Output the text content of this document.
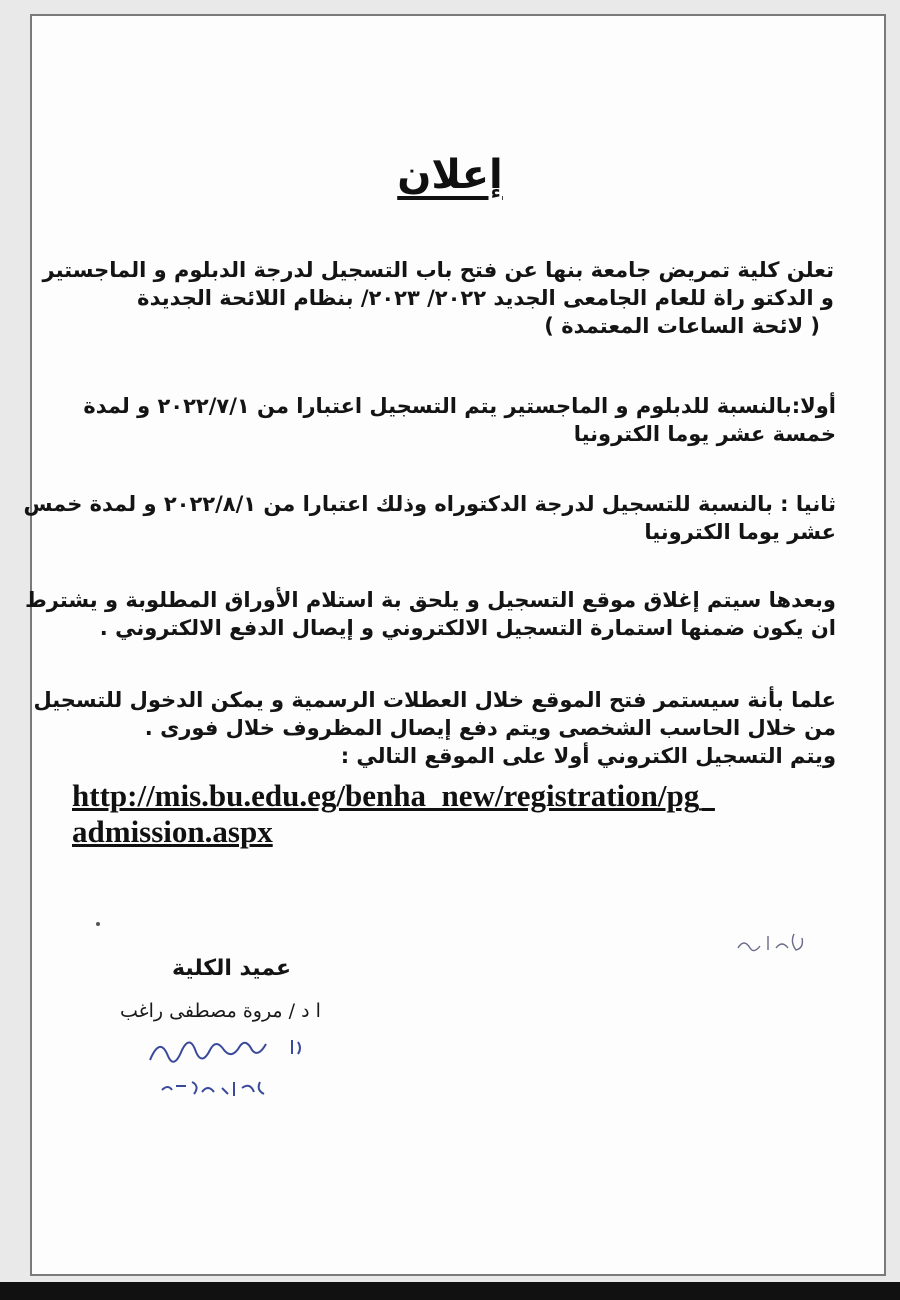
إعلان
تعلن كلية تمريض جامعة بنها عن فتح باب التسجيل لدرجة الدبلوم و الماجستير
و الدكتو راة للعام الجامعى الجديد ٢٠٢٢/ ٢٠٢٣/ بنظام اللائحة الجديدة
( لائحة الساعات المعتمدة )
أولا:بالنسبة للدبلوم و الماجستير يتم التسجيل اعتبارا من ٢٠٢٢/٧/١ و لمدة
خمسة عشر يوما الكترونيا
ثانيا : بالنسبة للتسجيل لدرجة الدكتوراه وذلك اعتبارا من ٢٠٢٢/٨/١ و لمدة خمس
عشر يوما الكترونيا
وبعدها سيتم إغلاق موقع التسجيل و يلحق بة استلام الأوراق المطلوبة و يشترط
ان يكون ضمنها استمارة التسجيل الالكتروني و إيصال الدفع الالكتروني .
علما بأنة سيستمر فتح الموقع خلال العطلات الرسمية و يمكن الدخول للتسجيل
من خلال الحاسب الشخصى ويتم دفع إيصال المظروف خلال فورى .
ويتم التسجيل الكتروني أولا على الموقع التالي :
http://mis.bu.edu.eg/benha_new/registration/pg_
admission.aspx
عميد الكلية
ا د / مروة مصطفى راغب
